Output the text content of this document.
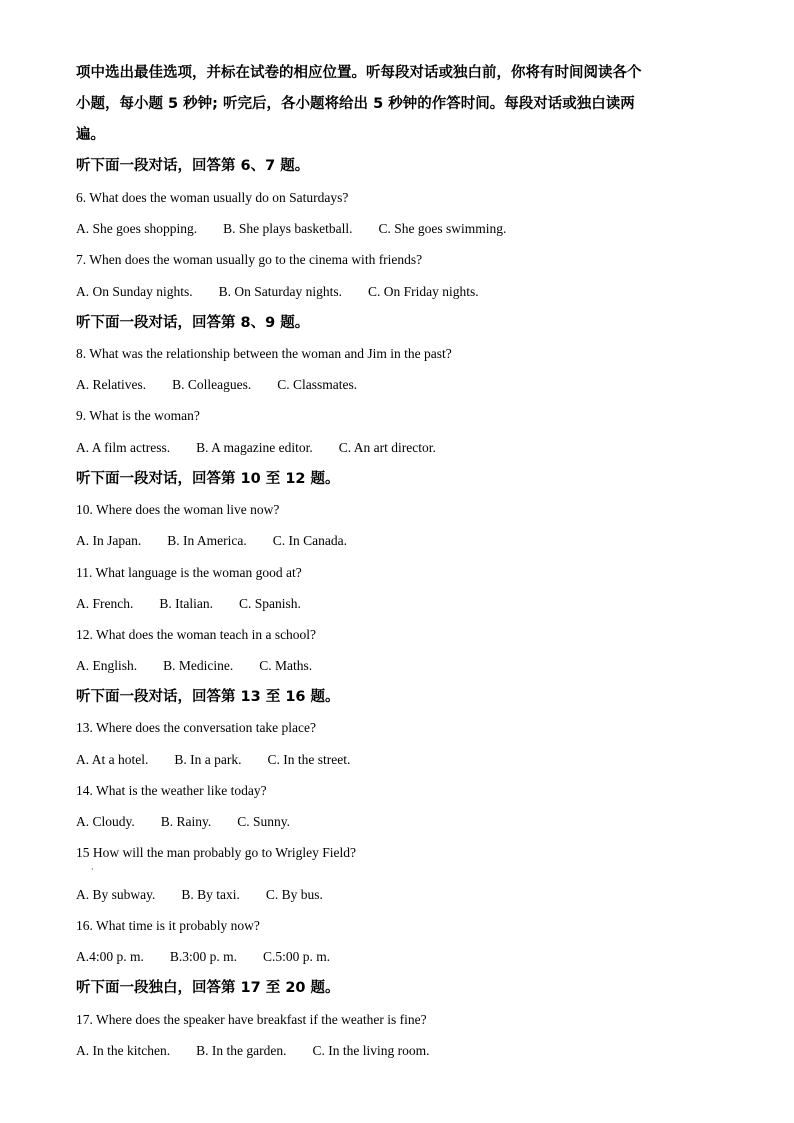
项中选出最佳选项，并标在试卷的相应位置。听每段对话或独白前，你将有时间阅读各个

小题，每小题 5 秒钟; 听完后，各小题将给出 5 秒钟的作答时间。每段对话或独白读两

遍。

听下面一段对话，回答第 6、7 题。
6. What does the woman usually do on Saturdays?
A. She goes shopping. B. She plays basketball. C. She goes swimming.
7. When does the woman usually go to the cinema with friends?
A. On Sunday nights. B. On Saturday nights. C. On Friday nights.
听下面一段对话，回答第 8、9 题。
8. What was the relationship between the woman and Jim in the past?
A. Relatives. B. Colleagues. C. Classmates.
9. What is the woman?
A. A film actress. B. A magazine editor. C. An art director.
听下面一段对话，回答第 10 至 12 题。
10. Where does the woman live now?
A. In Japan. B. In America. C. In Canada.
11. What language is the woman good at?
A. French. B. Italian. C. Spanish.
12. What does the woman teach in a school?
A. English. B. Medicine. C. Maths.
听下面一段对话，回答第 13 至 16 题。
13. Where does the conversation take place?
A. At a hotel. B. In a park. C. In the street.
14. What is the weather like today?
A. Cloudy. B. Rainy. C. Sunny.
15 How will the man probably go to Wrigley Field?
·
A. By subway. B. By taxi. C. By bus.
16. What time is it probably now?
A.4:00 p. m. B.3:00 p. m. C.5:00 p. m.
听下面一段独白，回答第 17 至 20 题。
17. Where does the speaker have breakfast if the weather is fine?
A. In the kitchen. B. In the garden. C. In the living room.
